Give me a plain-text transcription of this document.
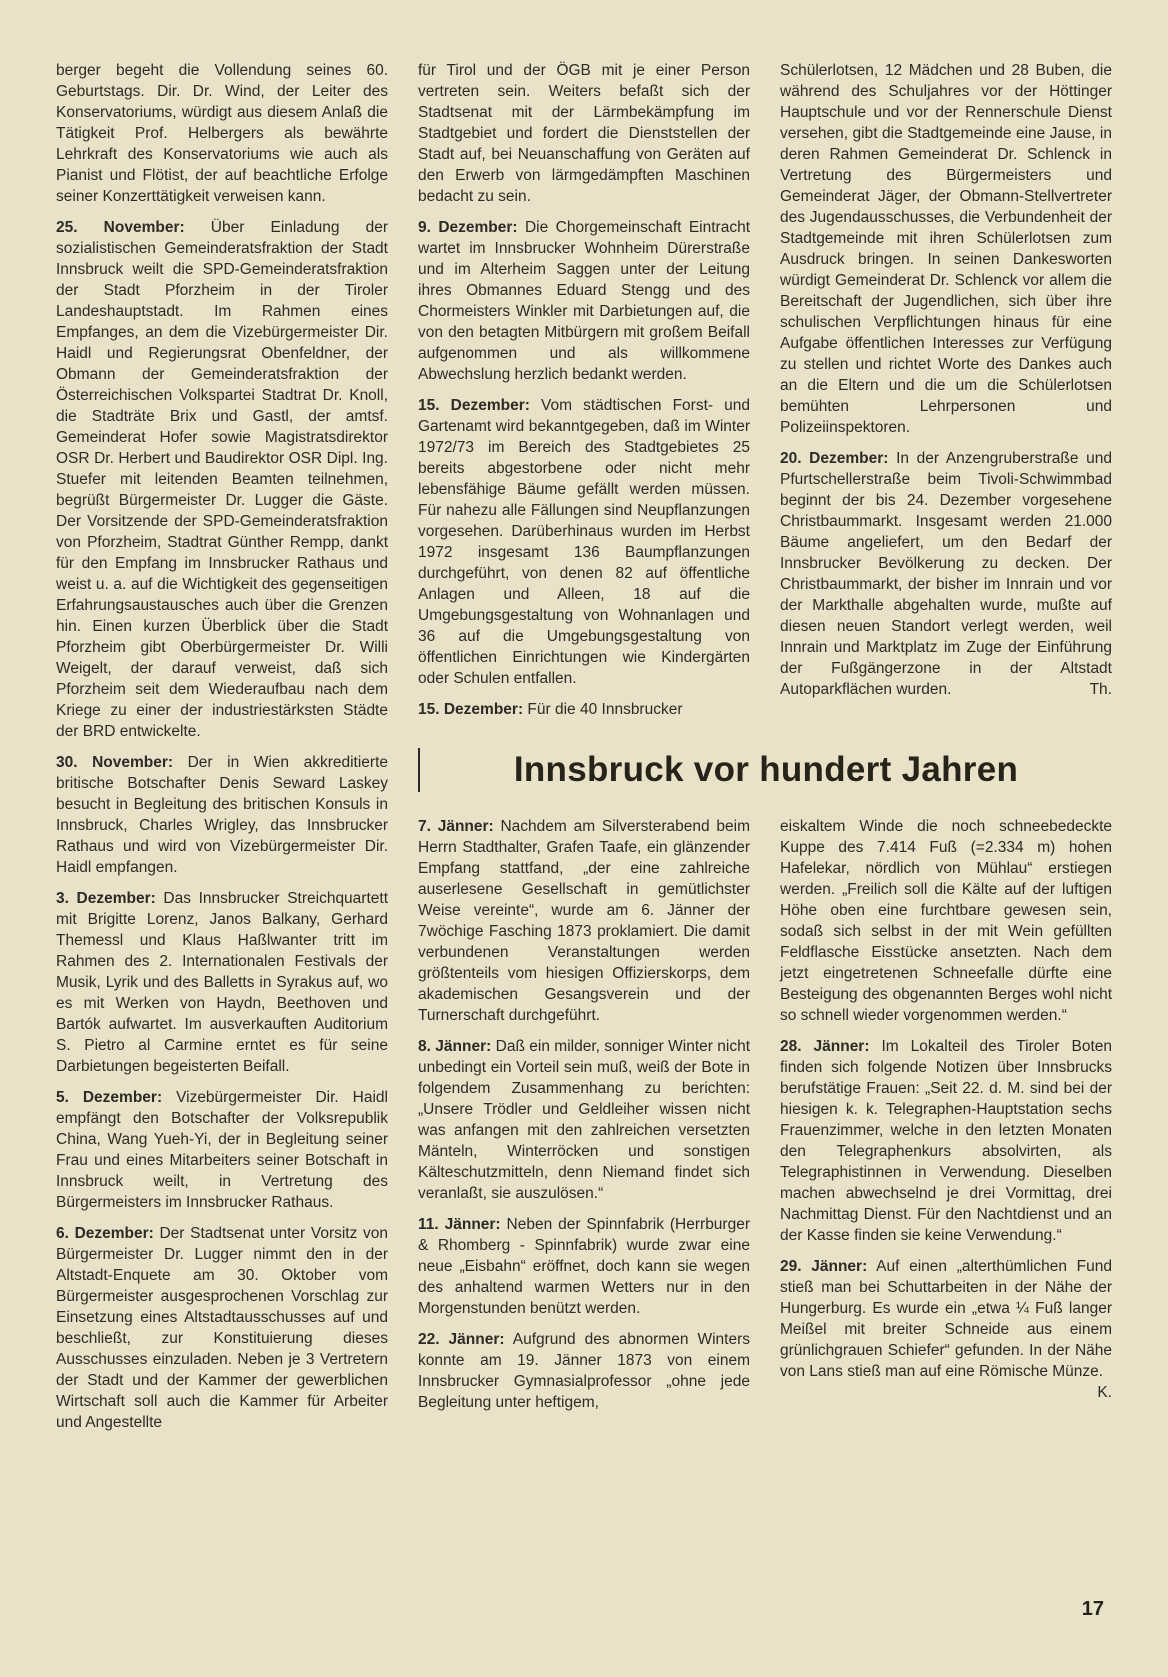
berger begeht die Vollendung seines 60. Geburtstags. Dir. Dr. Wind, der Leiter des Konservatoriums, würdigt aus diesem Anlaß die Tätigkeit Prof. Helbergers als bewährte Lehrkraft des Konservatoriums wie auch als Pianist und Flötist, der auf beachtliche Erfolge seiner Konzerttätigkeit verweisen kann.

25. November: Über Einladung der sozialistischen Gemeinderatsfraktion der Stadt Innsbruck weilt die SPD-Gemeinderatsfraktion der Stadt Pforzheim in der Tiroler Landeshauptstadt. Im Rahmen eines Empfanges, an dem die Vizebürgermeister Dir. Haidl und Regierungsrat Obenfeldner, der Obmann der Gemeinderatsfraktion der Österreichischen Volkspartei Stadtrat Dr. Knoll, die Stadträte Brix und Gastl, der amtsf. Gemeinderat Hofer sowie Magistratsdirektor OSR Dr. Herbert und Baudirektor OSR Dipl. Ing. Stuefer mit leitenden Beamten teilnehmen, begrüßt Bürgermeister Dr. Lugger die Gäste. Der Vorsitzende der SPD-Gemeinderatsfraktion von Pforzheim, Stadtrat Günther Rempp, dankt für den Empfang im Innsbrucker Rathaus und weist u. a. auf die Wichtigkeit des gegenseitigen Erfahrungsaustausches auch über die Grenzen hin. Einen kurzen Überblick über die Stadt Pforzheim gibt Oberbürgermeister Dr. Willi Weigelt, der darauf verweist, daß sich Pforzheim seit dem Wiederaufbau nach dem Kriege zu einer der industriestärksten Städte der BRD entwickelte.

30. November: Der in Wien akkreditierte britische Botschafter Denis Seward Laskey besucht in Begleitung des britischen Konsuls in Innsbruck, Charles Wrigley, das Innsbrucker Rathaus und wird von Vizebürgermeister Dir. Haidl empfangen.

3. Dezember: Das Innsbrucker Streichquartett mit Brigitte Lorenz, Janos Balkany, Gerhard Themessl und Klaus Haßlwanter tritt im Rahmen des 2. Internationalen Festivals der Musik, Lyrik und des Balletts in Syrakus auf, wo es mit Werken von Haydn, Beethoven und Bartók aufwartet. Im ausverkauften Auditorium S. Pietro al Carmine erntet es für seine Darbietungen begeisterten Beifall.

5. Dezember: Vizebürgermeister Dir. Haidl empfängt den Botschafter der Volksrepublik China, Wang Yueh-Yi, der in Begleitung seiner Frau und eines Mitarbeiters seiner Botschaft in Innsbruck weilt, in Vertretung des Bürgermeisters im Innsbrucker Rathaus.

6. Dezember: Der Stadtsenat unter Vorsitz von Bürgermeister Dr. Lugger nimmt den in der Altstadt-Enquete am 30. Oktober vom Bürgermeister ausgesprochenen Vorschlag zur Einsetzung eines Altstadtausschusses auf und beschließt, zur Konstituierung dieses Ausschusses einzuladen. Neben je 3 Vertretern der Stadt und der Kammer der gewerblichen Wirtschaft soll auch die Kammer für Arbeiter und Angestellte

für Tirol und der ÖGB mit je einer Person vertreten sein. Weiters befaßt sich der Stadtsenat mit der Lärmbekämpfung im Stadtgebiet und fordert die Dienststellen der Stadt auf, bei Neuanschaffung von Geräten auf den Erwerb von lärmgedämpften Maschinen bedacht zu sein.

9. Dezember: Die Chorgemeinschaft Eintracht wartet im Innsbrucker Wohnheim Dürerstraße und im Alterheim Saggen unter der Leitung ihres Obmannes Eduard Stengg und des Chormeisters Winkler mit Darbietungen auf, die von den betagten Mitbürgern mit großem Beifall aufgenommen und als willkommene Abwechslung herzlich bedankt werden.

15. Dezember: Vom städtischen Forst- und Gartenamt wird bekanntgegeben, daß im Winter 1972/73 im Bereich des Stadtgebietes 25 bereits abgestorbene oder nicht mehr lebensfähige Bäume gefällt werden müssen. Für nahezu alle Fällungen sind Neupflanzungen vorgesehen. Darüberhinaus wurden im Herbst 1972 insgesamt 136 Baumpflanzungen durchgeführt, von denen 82 auf öffentliche Anlagen und Alleen, 18 auf die Umgebungsgestaltung von Wohnanlagen und 36 auf die Umgebungsgestaltung von öffentlichen Einrichtungen wie Kindergärten oder Schulen entfallen.

15. Dezember: Für die 40 Innsbrucker

Schülerlotsen, 12 Mädchen und 28 Buben, die während des Schuljahres vor der Höttinger Hauptschule und vor der Rennerschule Dienst versehen, gibt die Stadtgemeinde eine Jause, in deren Rahmen Gemeinderat Dr. Schlenck in Vertretung des Bürgermeisters und Gemeinderat Jäger, der Obmann-Stellvertreter des Jugendausschusses, die Verbundenheit der Stadtgemeinde mit ihren Schülerlotsen zum Ausdruck bringen. In seinen Dankesworten würdigt Gemeinderat Dr. Schlenck vor allem die Bereitschaft der Jugendlichen, sich über ihre schulischen Verpflichtungen hinaus für eine Aufgabe öffentlichen Interesses zur Verfügung zu stellen und richtet Worte des Dankes auch an die Eltern und die um die Schülerlotsen bemühten Lehrpersonen und Polizeiinspektoren.

20. Dezember: In der Anzengruberstraße und Pfurtschellerstraße beim Tivoli-Schwimmbad beginnt der bis 24. Dezember vorgesehene Christbaummarkt. Insgesamt werden 21.000 Bäume angeliefert, um den Bedarf der Innsbrucker Bevölkerung zu decken. Der Christbaummarkt, der bisher im Innrain und vor der Markthalle abgehalten wurde, mußte auf diesen neuen Standort verlegt werden, weil Innrain und Marktplatz im Zuge der Einführung der Fußgängerzone in der Altstadt Autoparkflächen wurden.	Th.

Innsbruck vor hundert Jahren

7. Jänner: Nachdem am Silversterabend beim Herrn Stadthalter, Grafen Taafe, ein glänzender Empfang stattfand, „der eine zahlreiche auserlesene Gesellschaft in gemütlichster Weise vereinte“, wurde am 6. Jänner der 7wöchige Fasching 1873 proklamiert. Die damit verbundenen Veranstaltungen werden größtenteils vom hiesigen Offizierskorps, dem akademischen Gesangsverein und der Turnerschaft durchgeführt.

8. Jänner: Daß ein milder, sonniger Winter nicht unbedingt ein Vorteil sein muß, weiß der Bote in folgendem Zusammenhang zu berichten: „Unsere Trödler und Geldleiher wissen nicht was anfangen mit den zahlreichen versetzten Mänteln, Winterröcken und sonstigen Kälteschutzmitteln, denn Niemand findet sich veranlaßt, sie auszulösen.“

11. Jänner: Neben der Spinnfabrik (Herrburger & Rhomberg - Spinnfabrik) wurde zwar eine neue „Eisbahn“ eröffnet, doch kann sie wegen des anhaltend warmen Wetters nur in den Morgenstunden benützt werden.

22. Jänner: Aufgrund des abnormen Winters konnte am 19. Jänner 1873 von einem Innsbrucker Gymnasialprofessor „ohne jede Begleitung unter heftigem,

eiskaltem Winde die noch schneebedeckte Kuppe des 7.414 Fuß (=2.334 m) hohen Hafelekar, nördlich von Mühlau“ erstiegen werden. „Freilich soll die Kälte auf der luftigen Höhe oben eine furchtbare gewesen sein, sodaß sich selbst in der mit Wein gefüllten Feldflasche Eisstücke ansetzten. Nach dem jetzt eingetretenen Schneefalle dürfte eine Besteigung des obgenannten Berges wohl nicht so schnell wieder vorgenommen werden.“

28. Jänner: Im Lokalteil des Tiroler Boten finden sich folgende Notizen über Innsbrucks berufstätige Frauen: „Seit 22. d. M. sind bei der hiesigen k. k. Telegraphen-Hauptstation sechs Frauenzimmer, welche in den letzten Monaten den Telegraphenkurs absolvirten, als Telegraphistinnen in Verwendung. Dieselben machen abwechselnd je drei Vormittag, drei Nachmittag Dienst. Für den Nachtdienst und an der Kasse finden sie keine Verwendung.“

29. Jänner: Auf einen „alterthümlichen Fund stieß man bei Schuttarbeiten in der Nähe der Hungerburg. Es wurde ein „etwa ¼ Fuß langer Meißel mit breiter Schneide aus einem grünlichgrauen Schiefer“ gefunden. In der Nähe von Lans stieß man auf eine Römische Münze.
K.

17
